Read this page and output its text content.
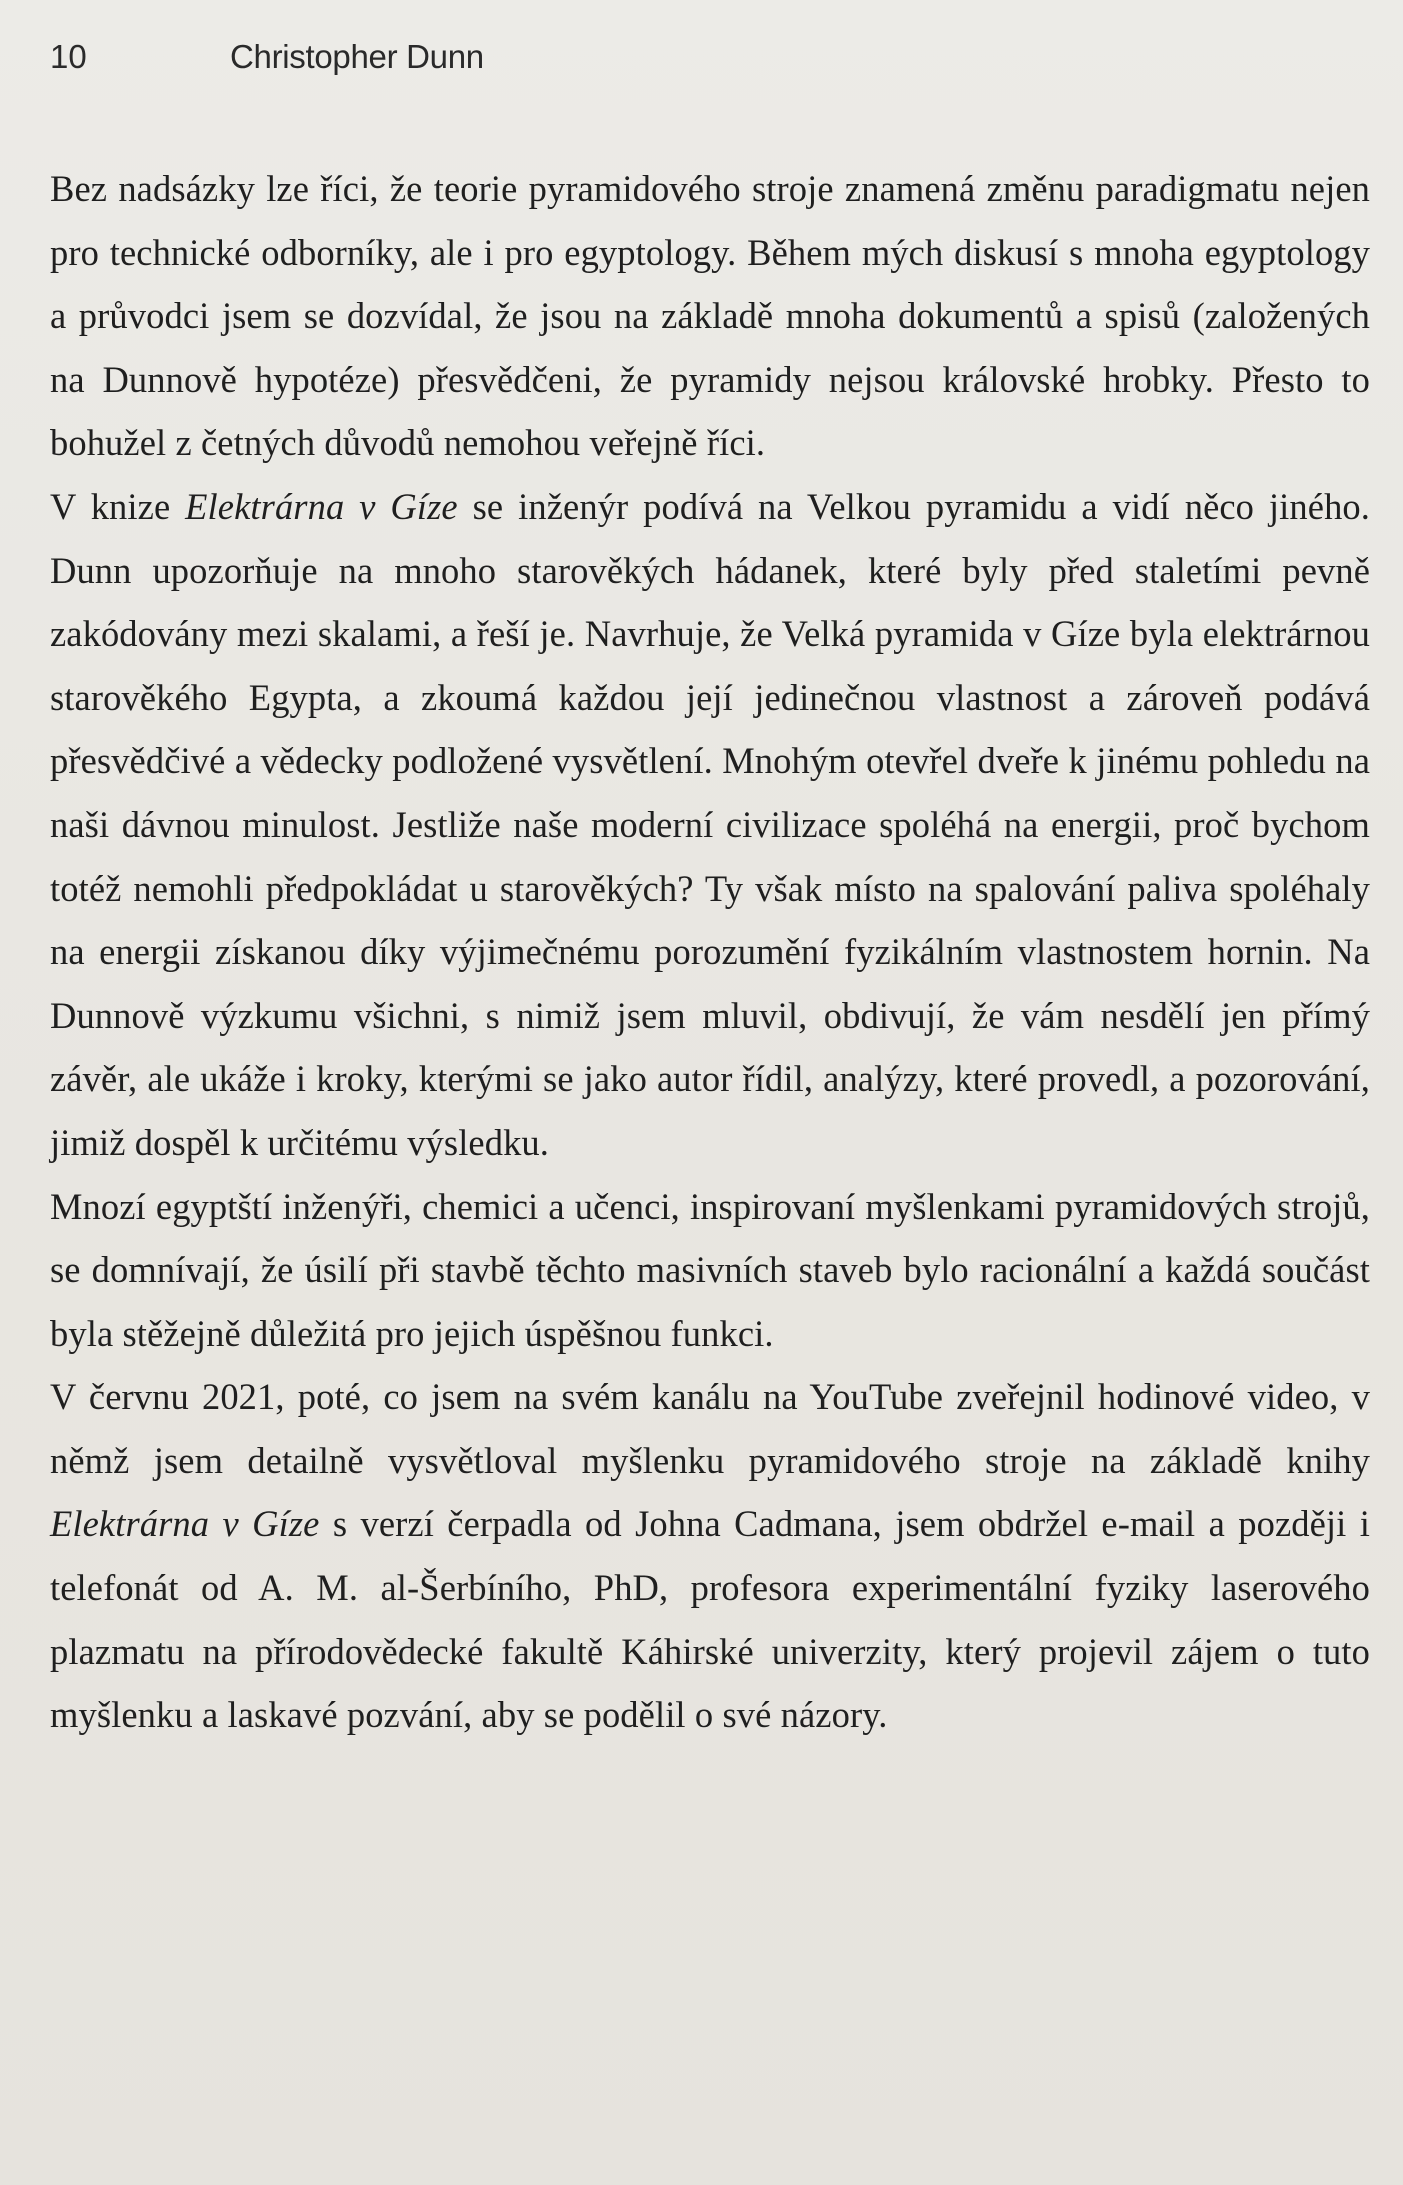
10	Christopher Dunn

Bez nadsázky lze říci, že teorie pyramidového stroje znamená změnu paradigmatu nejen pro technické odborníky, ale i pro egyptology. Během mých diskusí s mnoha egyptology a průvodci jsem se dozvídal, že jsou na základě mnoha dokumentů a spisů (založených na Dunnově hypotéze) přesvědčeni, že pyramidy nejsou královské hrobky. Přesto to bohužel z četných důvodů nemohou veřejně říci.

V knize Elektrárna v Gíze se inženýr podívá na Velkou pyramidu a vidí něco jiného. Dunn upozorňuje na mnoho starověkých hádanek, které byly před staletími pevně zakódovány mezi skalami, a řeší je. Navrhuje, že Velká pyramida v Gíze byla elektrárnou starověkého Egypta, a zkoumá každou její jedinečnou vlastnost a zároveň podává přesvědčivé a vědecky podložené vysvětlení. Mnohým otevřel dveře k jinému pohledu na naši dávnou minulost. Jestliže naše moderní civilizace spoléhá na energii, proč bychom totéž nemohli předpokládat u starověkých? Ty však místo na spalování paliva spoléhaly na energii získanou díky výjimečnému porozumění fyzikálním vlastnostem hornin. Na Dunnově výzkumu všichni, s nimiž jsem mluvil, obdivují, že vám nesdělí jen přímý závěr, ale ukáže i kroky, kterými se jako autor řídil, analýzy, které provedl, a pozorování, jimiž dospěl k určitému výsledku.

Mnozí egyptští inženýři, chemici a učenci, inspirovaní myšlenkami pyramidových strojů, se domnívají, že úsilí při stavbě těchto masivních staveb bylo racionální a každá součást byla stěžejně důležitá pro jejich úspěšnou funkci.

V červnu 2021, poté, co jsem na svém kanálu na YouTube zveřejnil hodinové video, v němž jsem detailně vysvětloval myšlenku pyramidového stroje na základě knihy Elektrárna v Gíze s verzí čerpadla od Johna Cadmana, jsem obdržel e-mail a později i telefonát od A. M. al-Šerbíního, PhD, profesora experimentální fyziky laserového plazmatu na přírodovědecké fakultě Káhirské univerzity, který projevil zájem o tuto myšlenku a laskavé pozvání, aby se podělil o své názory.
